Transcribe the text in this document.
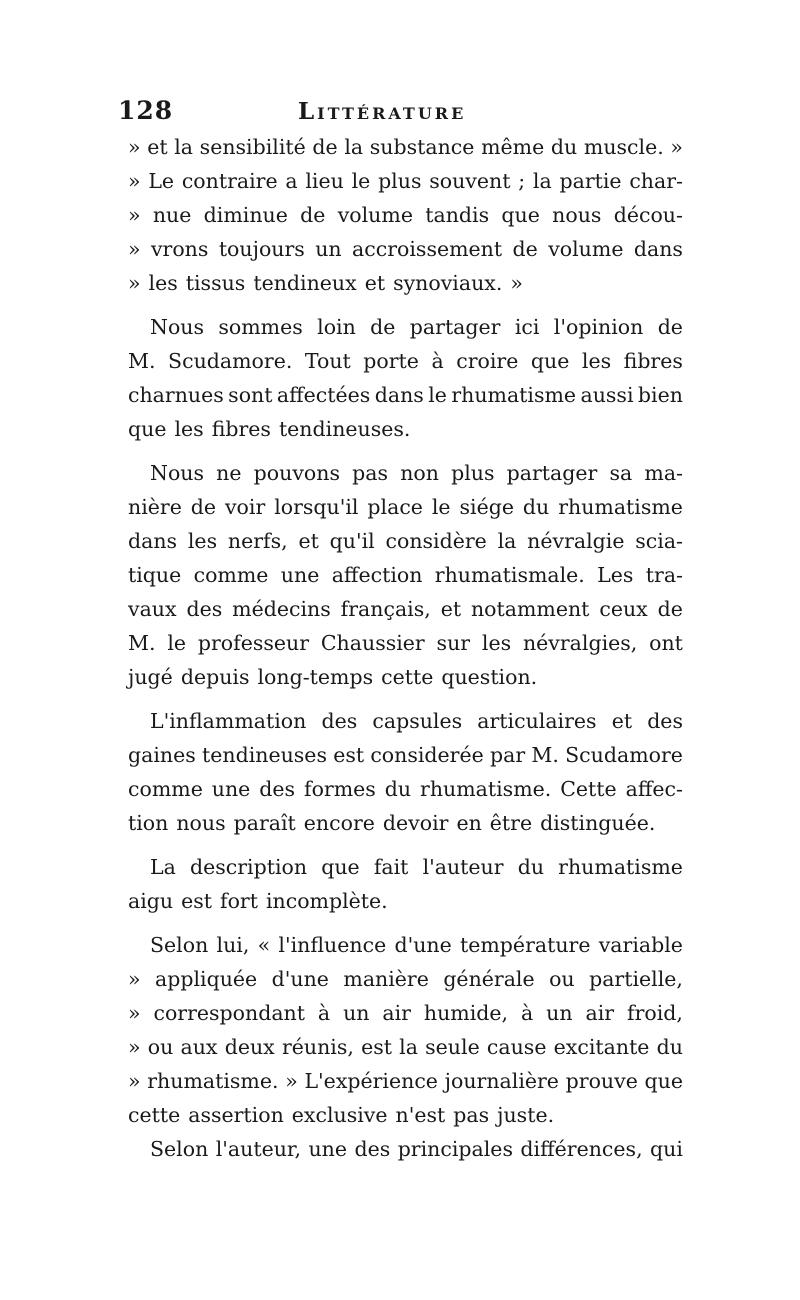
128	Littérature
» et la sensibilité de la substance même du muscle. »
» Le contraire a lieu le plus souvent ; la partie char-
» nue diminue de volume tandis que nous décou-
» vrons toujours un accroissement de volume dans
» les tissus tendineux et synoviaux. »
Nous sommes loin de partager ici l'opinion de
M. Scudamore. Tout porte à croire que les fibres
charnues sont affectées dans le rhumatisme aussi bien
que les fibres tendineuses.
Nous ne pouvons pas non plus partager sa ma-
nière de voir lorsqu'il place le siége du rhumatisme
dans les nerfs, et qu'il considère la névralgie scia-
tique comme une affection rhumatismale. Les tra-
vaux des médecins français, et notamment ceux de
M. le professeur Chaussier sur les névralgies, ont
jugé depuis long-temps cette question.
L'inflammation des capsules articulaires et des
gaines tendineuses est considerée par M. Scudamore
comme une des formes du rhumatisme. Cette affec-
tion nous paraît encore devoir en être distinguée.
La description que fait l'auteur du rhumatisme
aigu est fort incomplète.
Selon lui, « l'influence d'une température variable
» appliquée d'une manière générale ou partielle,
» correspondant à un air humide, à un air froid,
» ou aux deux réunis, est la seule cause excitante du
» rhumatisme. » L'expérience journalière prouve que
cette assertion exclusive n'est pas juste.
Selon l'auteur, une des principales différences, qui
